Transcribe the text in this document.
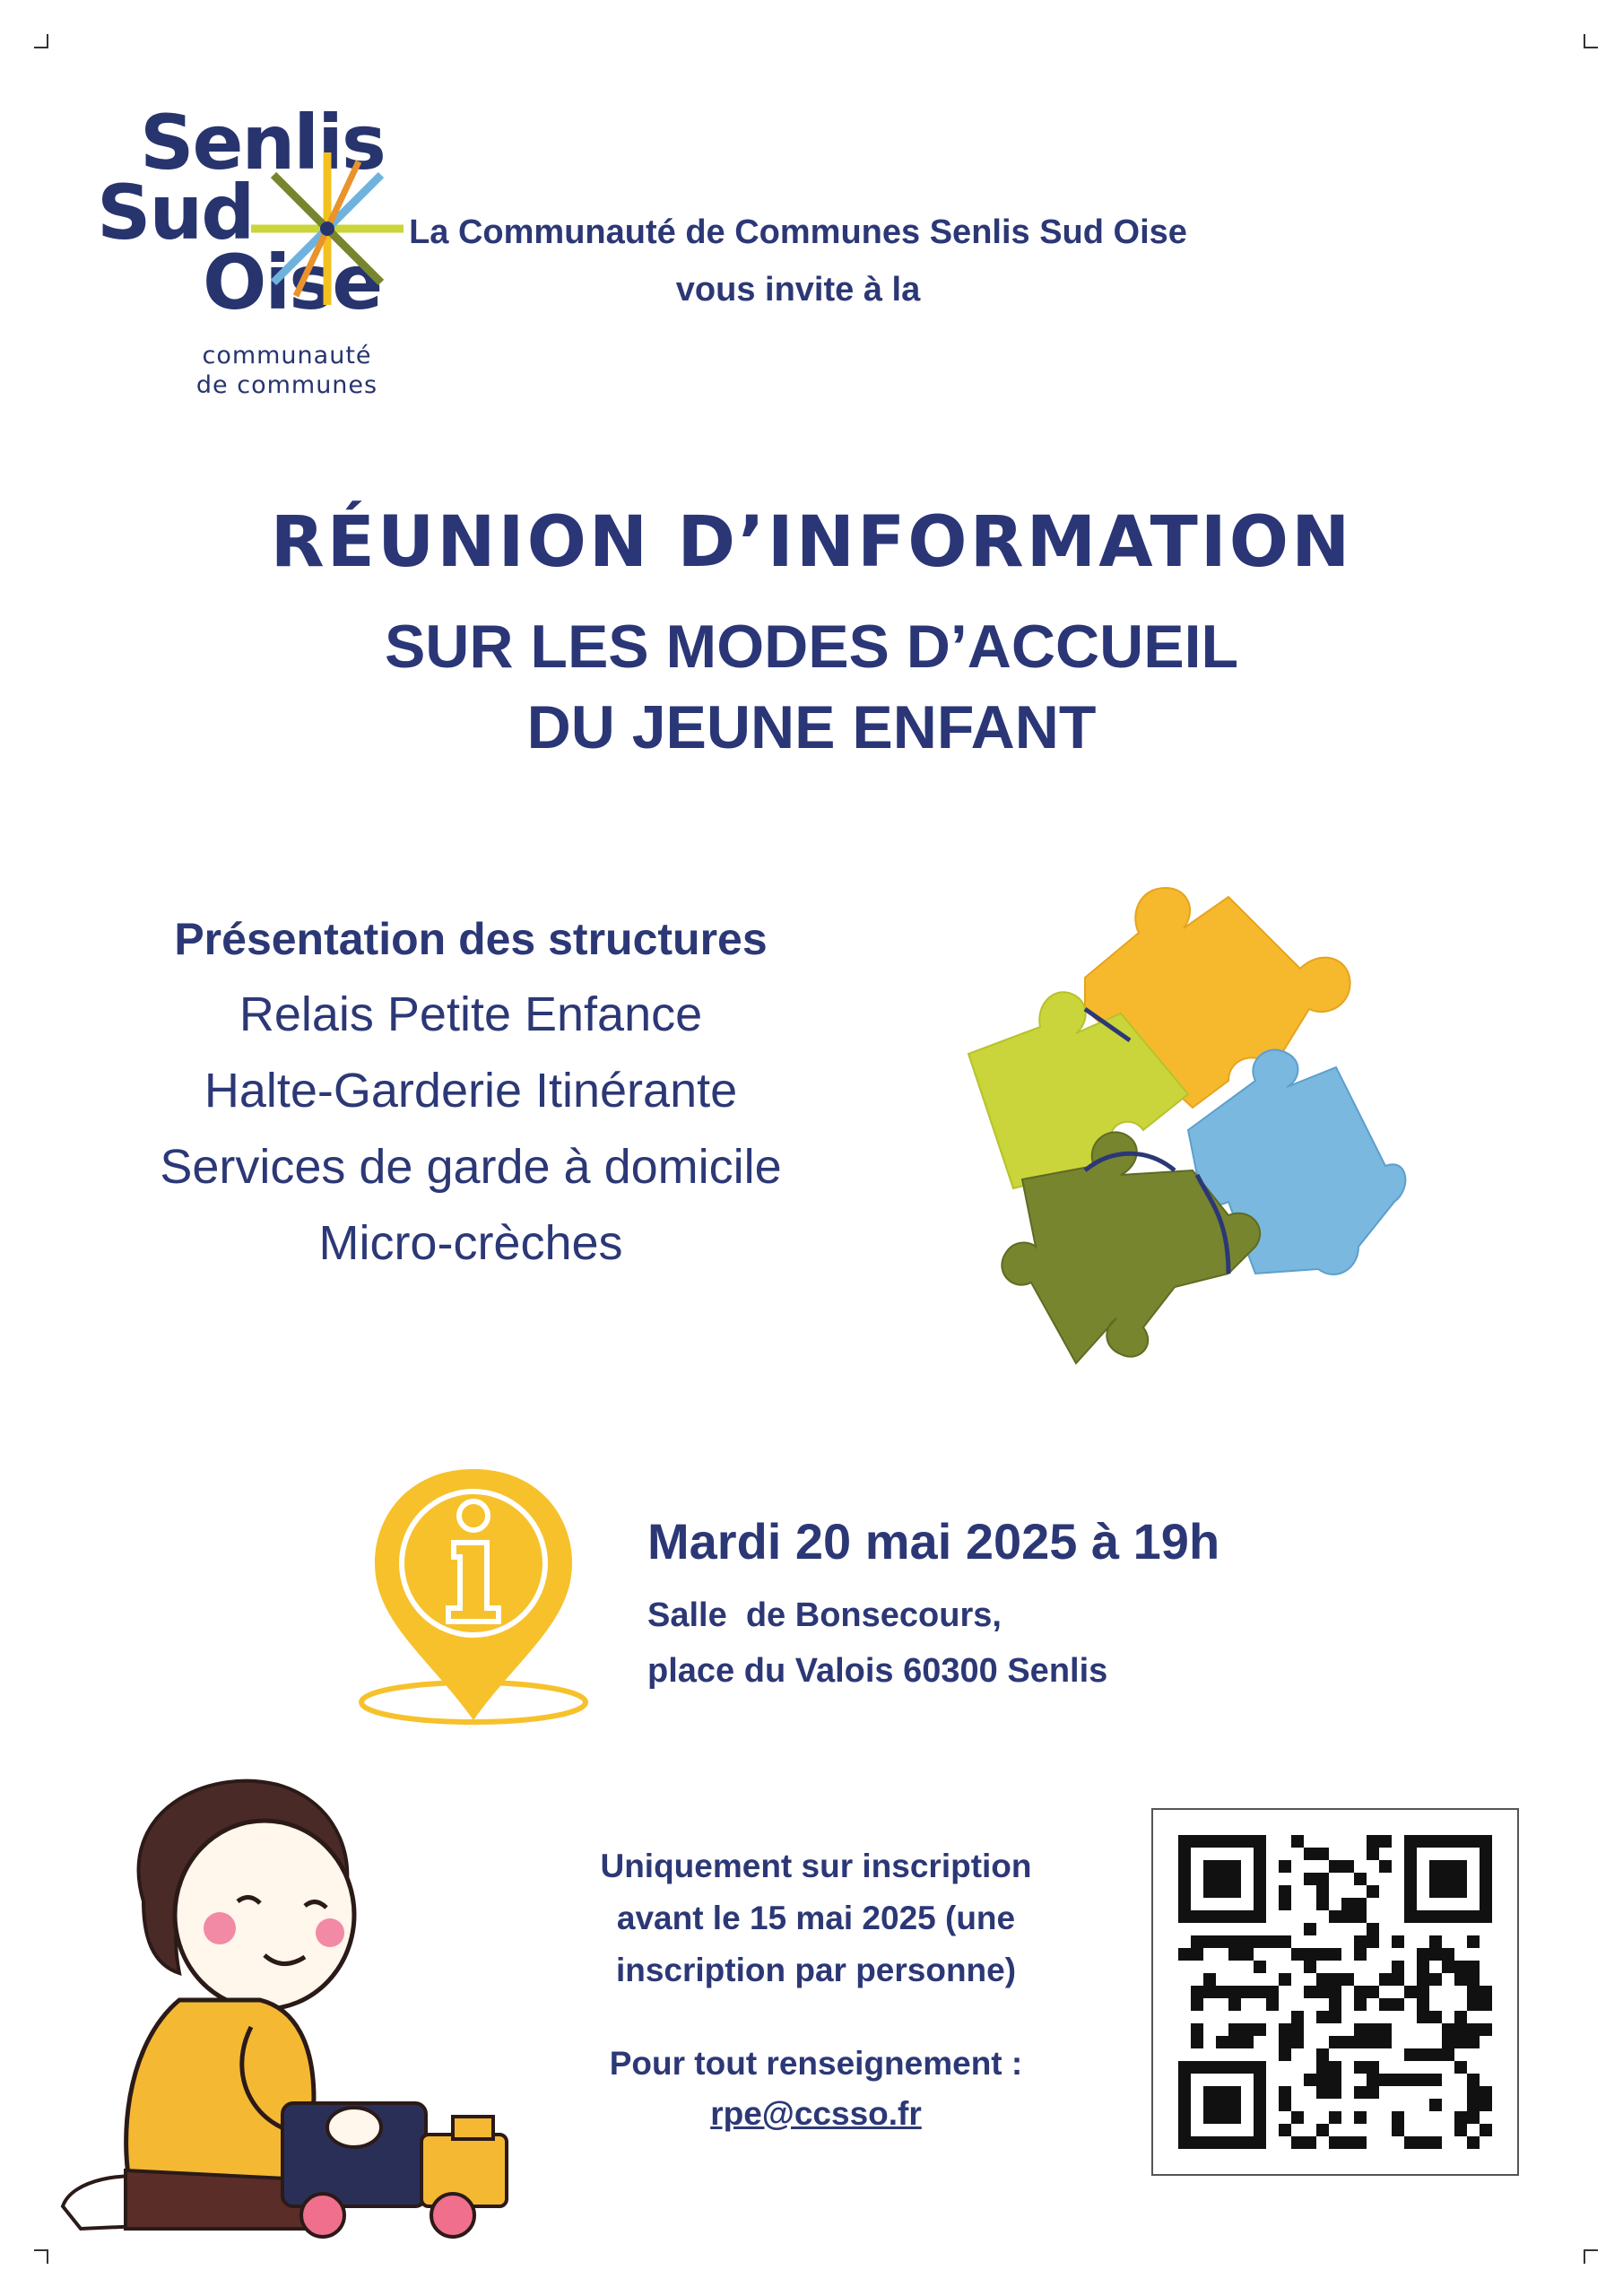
Senlis
Sud
Oise
communauté
de communes
La Communauté de Communes Senlis Sud Oise
vous invite à la
RÉUNION D’INFORMATION
SUR LES MODES D’ACCUEIL
DU JEUNE ENFANT
Présentation des structures
Relais Petite Enfance
Halte-Garderie Itinérante
Services de garde à domicile
Micro-crèches
Mardi 20 mai 2025 à 19h
Salle  de Bonsecours,
place du Valois 60300 Senlis
Uniquement sur inscription
avant le 15 mai 2025 (une
inscription par personne)
Pour tout renseignement :
rpe@ccsso.fr
